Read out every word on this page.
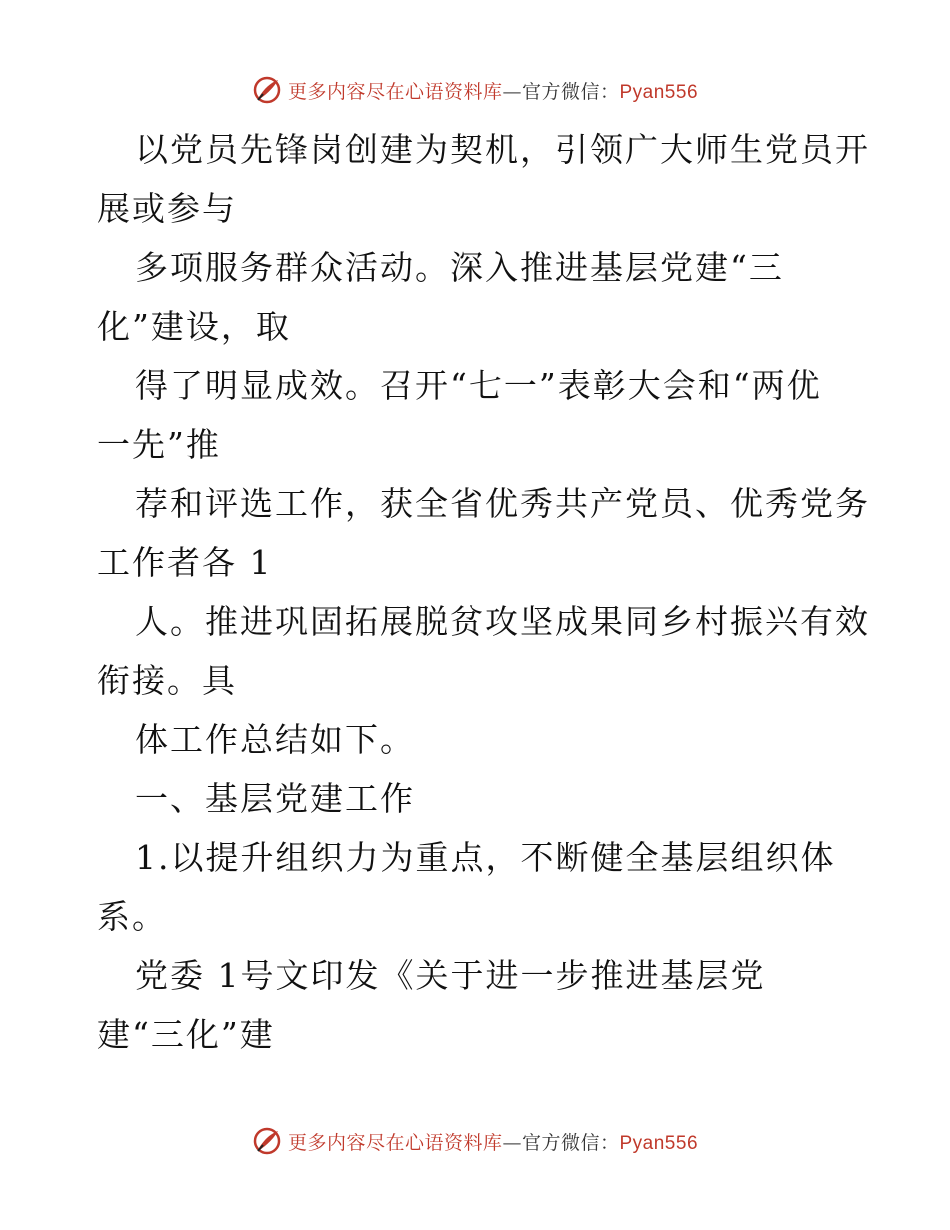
更多内容尽在心语资料库—官方微信：Pyan556
以党员先锋岗创建为契机，引领广大师生党员开
展或参与
多项服务群众活动。深入推进基层党建“三
化”建设，取
得了明显成效。召开“七一”表彰大会和“两优
一先”推
荐和评选工作，获全省优秀共产党员、优秀党务
工作者各 1
人。推进巩固拓展脱贫攻坚成果同乡村振兴有效
衔接。具
体工作总结如下。
一、基层党建工作
1.以提升组织力为重点，不断健全基层组织体
系。
党委 1号文印发《关于进一步推进基层党
建“三化”建
更多内容尽在心语资料库—官方微信：Pyan556
